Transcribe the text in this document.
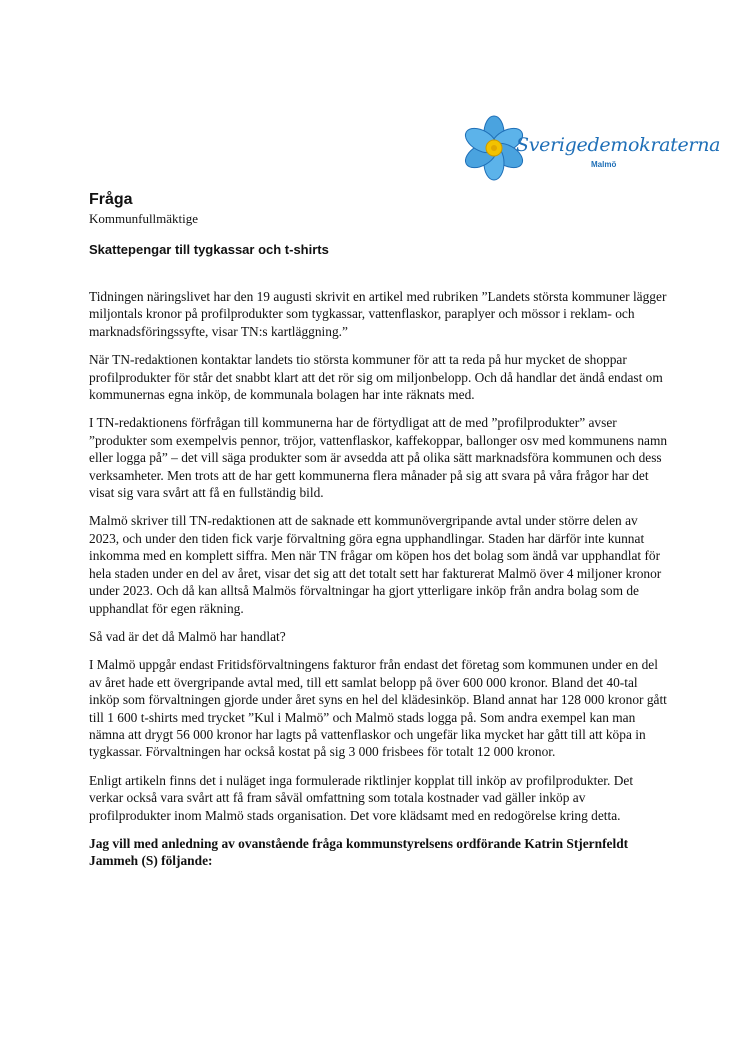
Sverigedemokraterna
Malmö
Fråga

Kommunfullmäktige

Skattepengar till tygkassar och t-shirts

Tidningen näringslivet har den 19 augusti skrivit en artikel med rubriken ”Landets största kommuner lägger miljontals kronor på profilprodukter som tygkassar, vattenflaskor, paraplyer och mössor i reklam- och marknadsföringssyfte, visar TN:s kartläggning.”

När TN-redaktionen kontaktar landets tio största kommuner för att ta reda på hur mycket de shoppar profilprodukter för står det snabbt klart att det rör sig om miljonbelopp. Och då handlar det ändå endast om kommunernas egna inköp, de kommunala bolagen har inte räknats med.

I TN-redaktionens förfrågan till kommunerna har de förtydligat att de med ”profilprodukter” avser ”produkter som exempelvis pennor, tröjor, vattenflaskor, kaffekoppar, ballonger osv med kommunens namn eller logga på” – det vill säga produkter som är avsedda att på olika sätt marknadsföra kommunen och dess verksamheter. Men trots att de har gett kommunerna flera månader på sig att svara på våra frågor har det visat sig vara svårt att få en fullständig bild.

Malmö skriver till TN-redaktionen att de saknade ett kommunövergripande avtal under större delen av 2023, och under den tiden fick varje förvaltning göra egna upphandlingar. Staden har därför inte kunnat inkomma med en komplett siffra. Men när TN frågar om köpen hos det bolag som ändå var upphandlat för hela staden under en del av året, visar det sig att det totalt sett har fakturerat Malmö över 4 miljoner kronor under 2023. Och då kan alltså Malmös förvaltningar ha gjort ytterligare inköp från andra bolag som de upphandlat för egen räkning.

Så vad är det då Malmö har handlat?

I Malmö uppgår endast Fritidsförvaltningens fakturor från endast det företag som kommunen under en del av året hade ett övergripande avtal med, till ett samlat belopp på över 600 000 kronor. Bland det 40-tal inköp som förvaltningen gjorde under året syns en hel del klädesinköp. Bland annat har 128 000 kronor gått till 1 600 t-shirts med trycket ”Kul i Malmö” och Malmö stads logga på. Som andra exempel kan man nämna att drygt 56 000 kronor har lagts på vattenflaskor och ungefär lika mycket har gått till att köpa in tygkassar. Förvaltningen har också kostat på sig 3 000 frisbees för totalt 12 000 kronor.

Enligt artikeln finns det i nuläget inga formulerade riktlinjer kopplat till inköp av profilprodukter. Det verkar också vara svårt att få fram såväl omfattning som totala kostnader vad gäller inköp av profilprodukter inom Malmö stads organisation. Det vore klädsamt med en redogörelse kring detta.

Jag vill med anledning av ovanstående fråga kommunstyrelsens ordförande Katrin Stjernfeldt Jammeh (S) följande:
